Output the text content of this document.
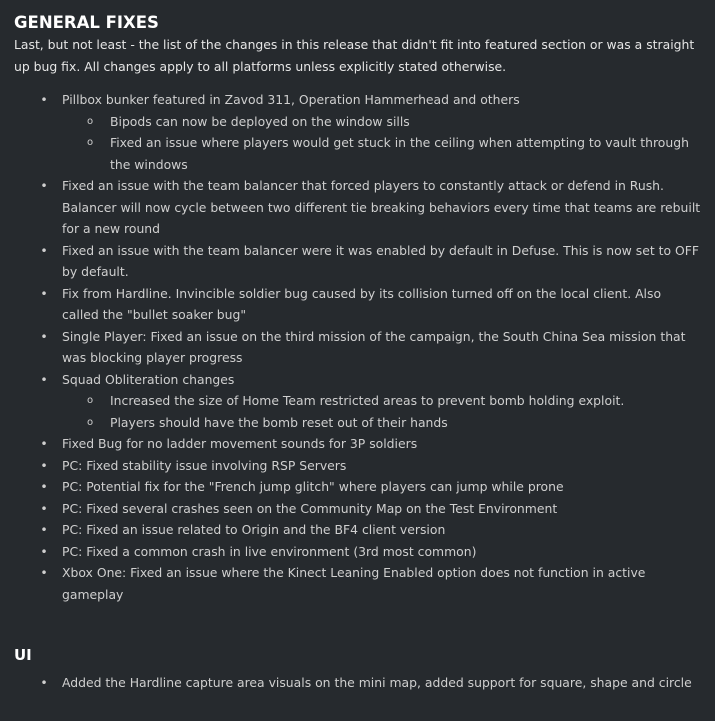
GENERAL FIXES

Last, but not least - the list of the changes in this release that didn't fit into featured section or was a straight up bug fix. All changes apply to all platforms unless explicitly stated otherwise.

• Pillbox bunker featured in Zavod 311, Operation Hammerhead and others
o Bipods can now be deployed on the window sills
o Fixed an issue where players would get stuck in the ceiling when attempting to vault through the windows
• Fixed an issue with the team balancer that forced players to constantly attack or defend in Rush. Balancer will now cycle between two different tie breaking behaviors every time that teams are rebuilt for a new round
• Fixed an issue with the team balancer were it was enabled by default in Defuse. This is now set to OFF by default.
• Fix from Hardline. Invincible soldier bug caused by its collision turned off on the local client. Also called the "bullet soaker bug"
• Single Player: Fixed an issue on the third mission of the campaign, the South China Sea mission that was blocking player progress
• Squad Obliteration changes
o Increased the size of Home Team restricted areas to prevent bomb holding exploit.
o Players should have the bomb reset out of their hands
• Fixed Bug for no ladder movement sounds for 3P soldiers
• PC: Fixed stability issue involving RSP Servers
• PC: Potential fix for the "French jump glitch" where players can jump while prone
• PC: Fixed several crashes seen on the Community Map on the Test Environment
• PC: Fixed an issue related to Origin and the BF4 client version
• PC: Fixed a common crash in live environment (3rd most common)
• Xbox One: Fixed an issue where the Kinect Leaning Enabled option does not function in active gameplay
UI
• Added the Hardline capture area visuals on the mini map, added support for square, shape and circle
